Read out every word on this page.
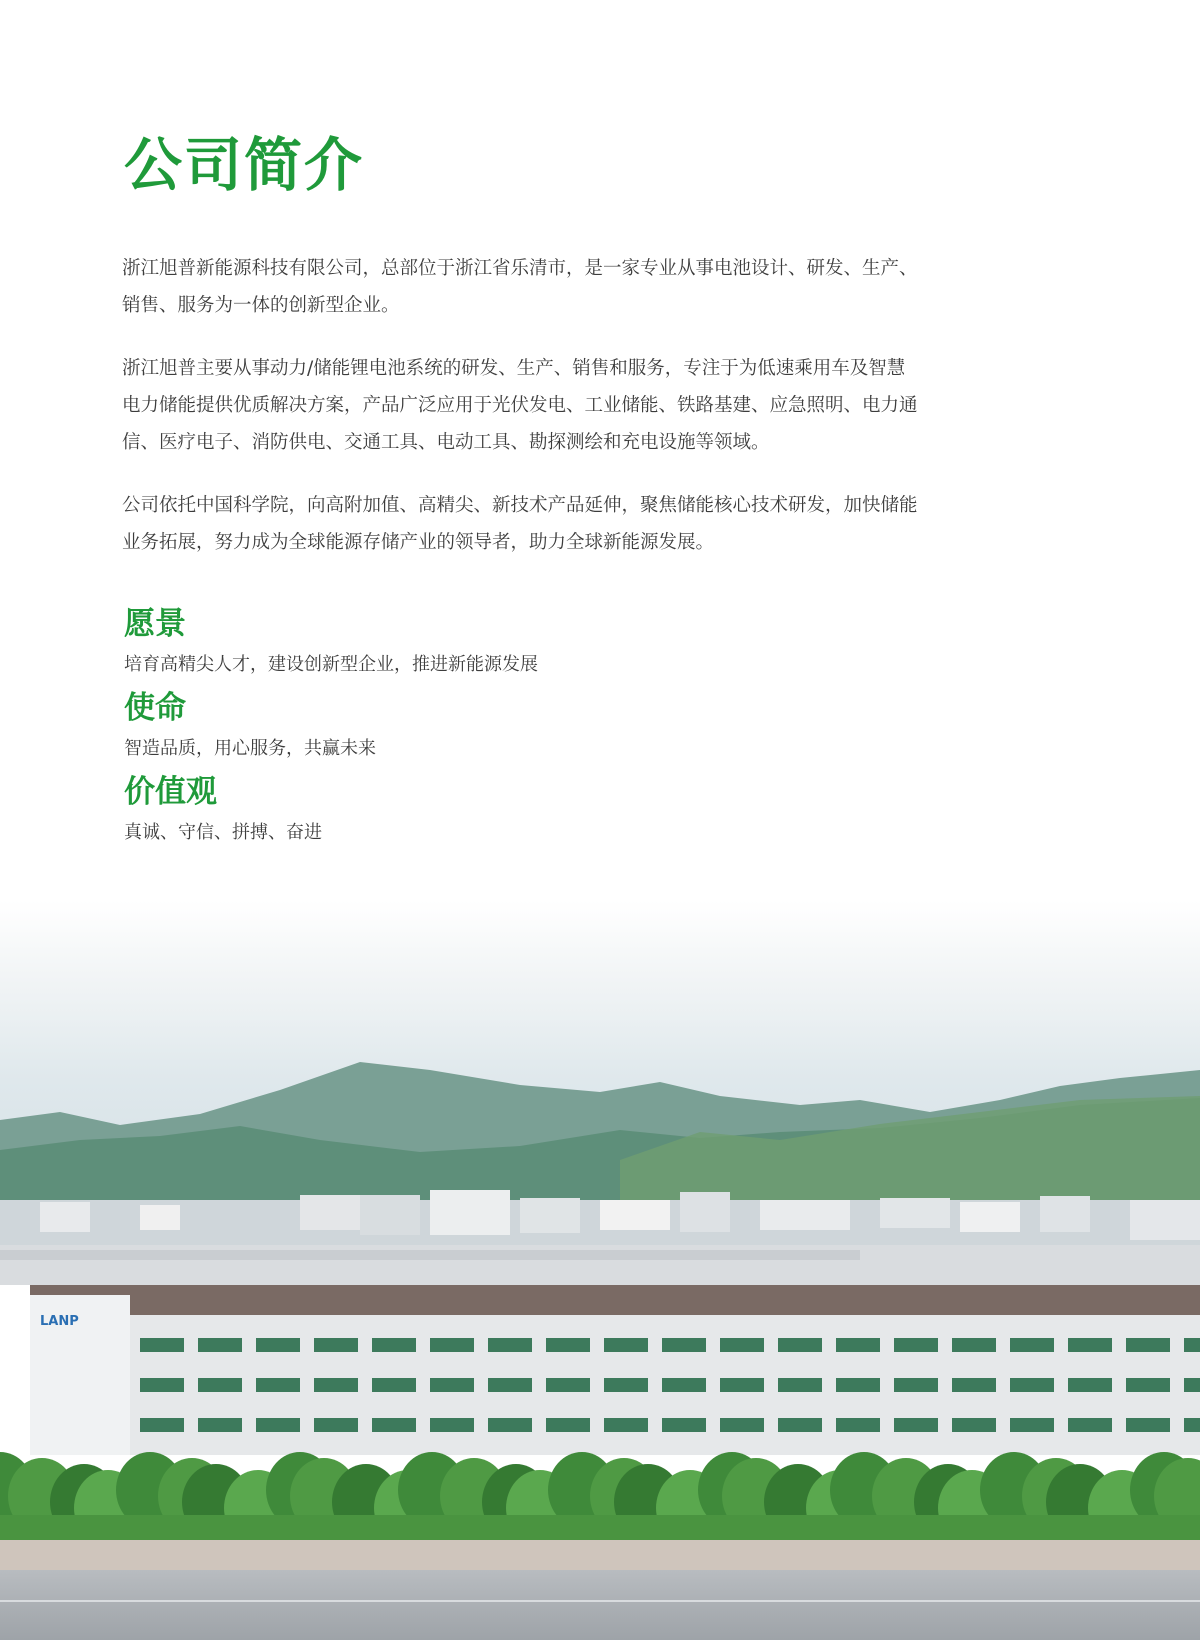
公司简介

浙江旭普新能源科技有限公司，总部位于浙江省乐清市，是一家专业从事电池设计、研发、生产、销售、服务为一体的创新型企业。

浙江旭普主要从事动力/储能锂电池系统的研发、生产、销售和服务，专注于为低速乘用车及智慧电力储能提供优质解决方案，产品广泛应用于光伏发电、工业储能、铁路基建、应急照明、电力通信、医疗电子、消防供电、交通工具、电动工具、勘探测绘和充电设施等领域。

公司依托中国科学院，向高附加值、高精尖、新技术产品延伸，聚焦储能核心技术研发，加快储能业务拓展，努力成为全球能源存储产业的领导者，助力全球新能源发展。

愿景

培育高精尖人才，建设创新型企业，推进新能源发展

使命

智造品质，用心服务，共赢未来

价值观

真诚、守信、拼搏、奋进

LANP
